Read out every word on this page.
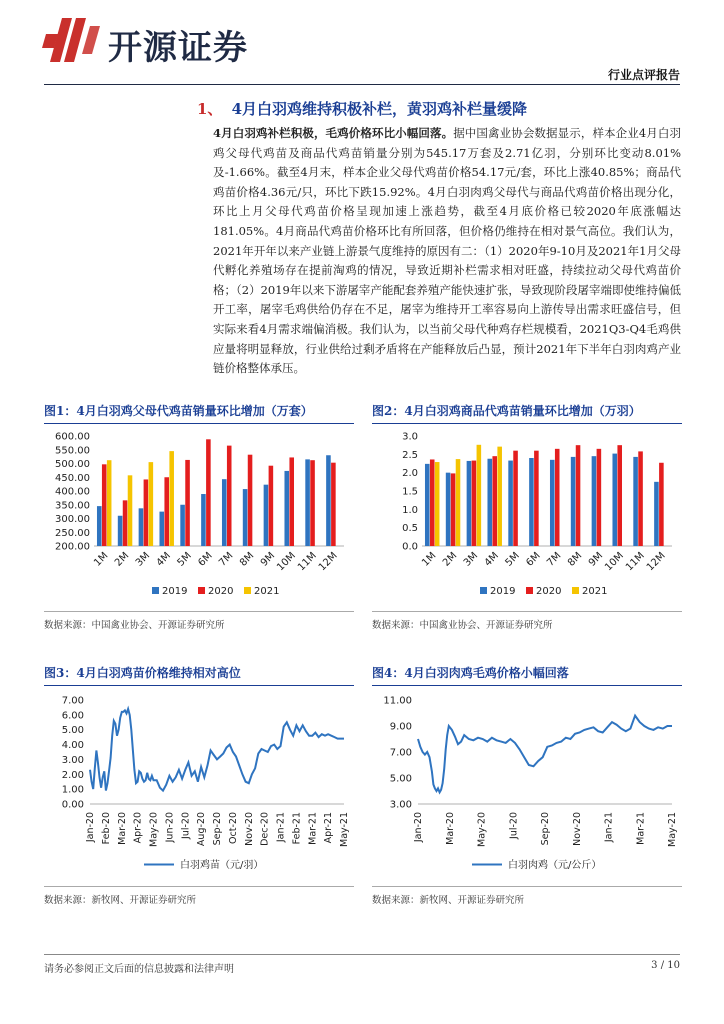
开源证券
行业点评报告
1、 4月白羽鸡维持积极补栏，黄羽鸡补栏量缓降
4月白羽鸡补栏积极，毛鸡价格环比小幅回落。据中国禽业协会数据显示，样本企业4月白羽鸡父母代鸡苗及商品代鸡苗销量分别为545.17万套及2.71亿羽，分别环比变动8.01%及-1.66%。截至4月末，样本企业父母代鸡苗价格54.17元/套，环比上涨40.85%；商品代鸡苗价格4.36元/只，环比下跌15.92%。4月白羽肉鸡父母代与商品代鸡苗价格出现分化，环比上月父母代鸡苗价格呈现加速上涨趋势，截至4月底价格已较2020年底涨幅达181.05%。4月商品代鸡苗价格环比有所回落，但价格仍维持在相对景气高位。我们认为，2021年开年以来产业链上游景气度维持的原因有二：（1）2020年9-10月及2021年1月父母代孵化养殖场存在提前淘鸡的情况，导致近期补栏需求相对旺盛，持续拉动父母代鸡苗价格；（2）2019年以来下游屠宰产能配套养殖产能快速扩张，导致现阶段屠宰端即使维持偏低开工率，屠宰毛鸡供给仍存在不足，屠宰为维持开工率容易向上游传导出需求旺盛信号，但实际来看4月需求端偏消极。我们认为，以当前父母代种鸡存栏规模看，2021Q3-Q4毛鸡供应量将明显释放，行业供给过剩矛盾将在产能释放后凸显，预计2021年下半年白羽肉鸡产业链价格整体承压。
图1：4月白羽鸡父母代鸡苗销量环比增加（万套）
200.00
250.00
300.00
350.00
400.00
450.00
500.00
550.00
600.00
1M 2M 3M 4M 5M 6M 7M 8M 9M
10M
11M
12M
2019 2020 2021
数据来源：中国禽业协会、开源证券研究所
图2：4月白羽鸡商品代鸡苗销量环比增加（万羽）
0.0
0.5
1.0
1.5
2.0
2.5
3.0
1M 2M 3M 4M 5M 6M 7M 8M 9M
10M
11M
12M
2019 2020 2021
数据来源：中国禽业协会、开源证券研究所
图3：4月白羽鸡苗价格维持相对高位
0.00
1.00
2.00
3.00
4.00
5.00
6.00
7.00
Jan-20 Feb-20 Mar-20 Apr-20 May-20 Jun-20 Jul-20 Aug-20 Sep-20 Oct-20 Nov-20 Dec-20 Jan-21 Feb-21 Mar-21 Apr-21 May-21
白羽鸡苗（元/羽）
数据来源：新牧网、开源证券研究所
图4：4月白羽肉鸡毛鸡价格小幅回落
3.00
5.00
7.00
9.00
11.00
Jan-20 Mar-20 May-20 Jul-20 Sep-20 Nov-20 Jan-21 Mar-21 May-21
白羽肉鸡（元/公斤）
数据来源：新牧网、开源证券研究所
请务必参阅正文后面的信息披露和法律声明	3 / 10
